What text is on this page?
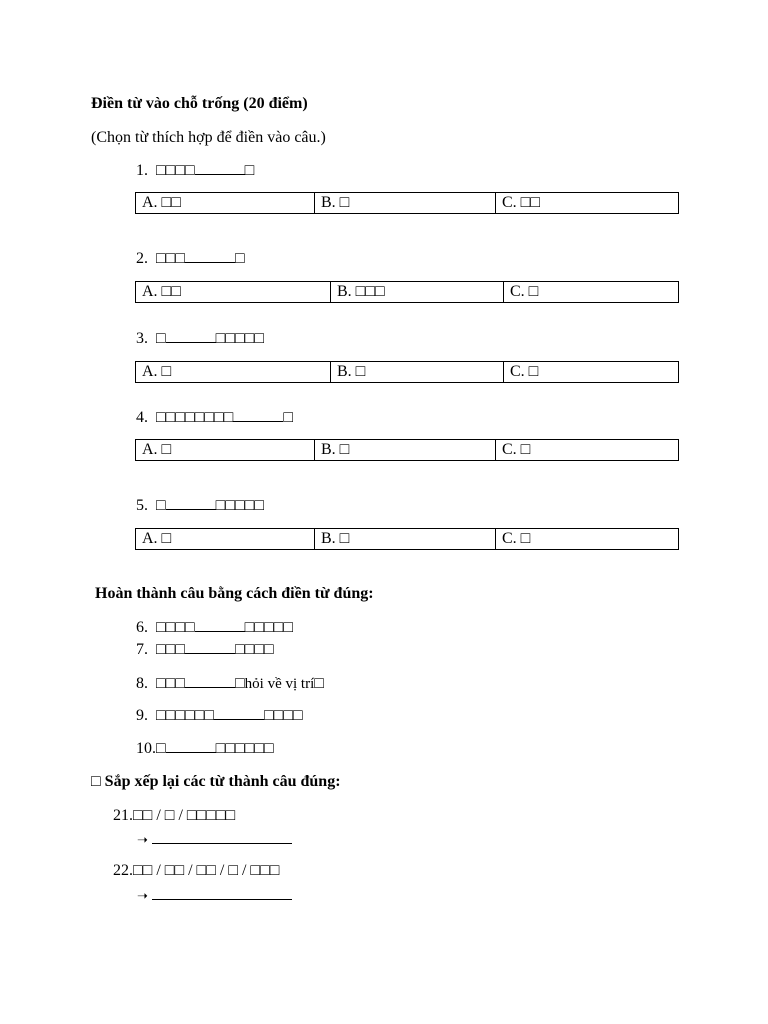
Điền từ vào chỗ trống (20 điểm)
(Chọn từ thích hợp để điền vào câu.)
1. □□□□	□
A. □□	B. □	C. □□
2. □□□	□
A. □□	B. □□□	C. □
3. □	□□□□□
A. □	B. □	C. □
4. □□□□□□□□	□
A. □	B. □	C. □
5. □	□□□□□
A. □	B. □	C. □
Hoàn thành câu bằng cách điền từ đúng:
6. □□□□	□□□□□
7. □□□	□□□□
8. □□□	□hỏi về vị trí□
9. □□□□□□	□□□□
10.□	□□□□□□
□ Sắp xếp lại các từ thành câu đúng:
21.□□ / □ / □□□□□
➝
22.□□ / □□ / □□ / □ / □□□
➝
